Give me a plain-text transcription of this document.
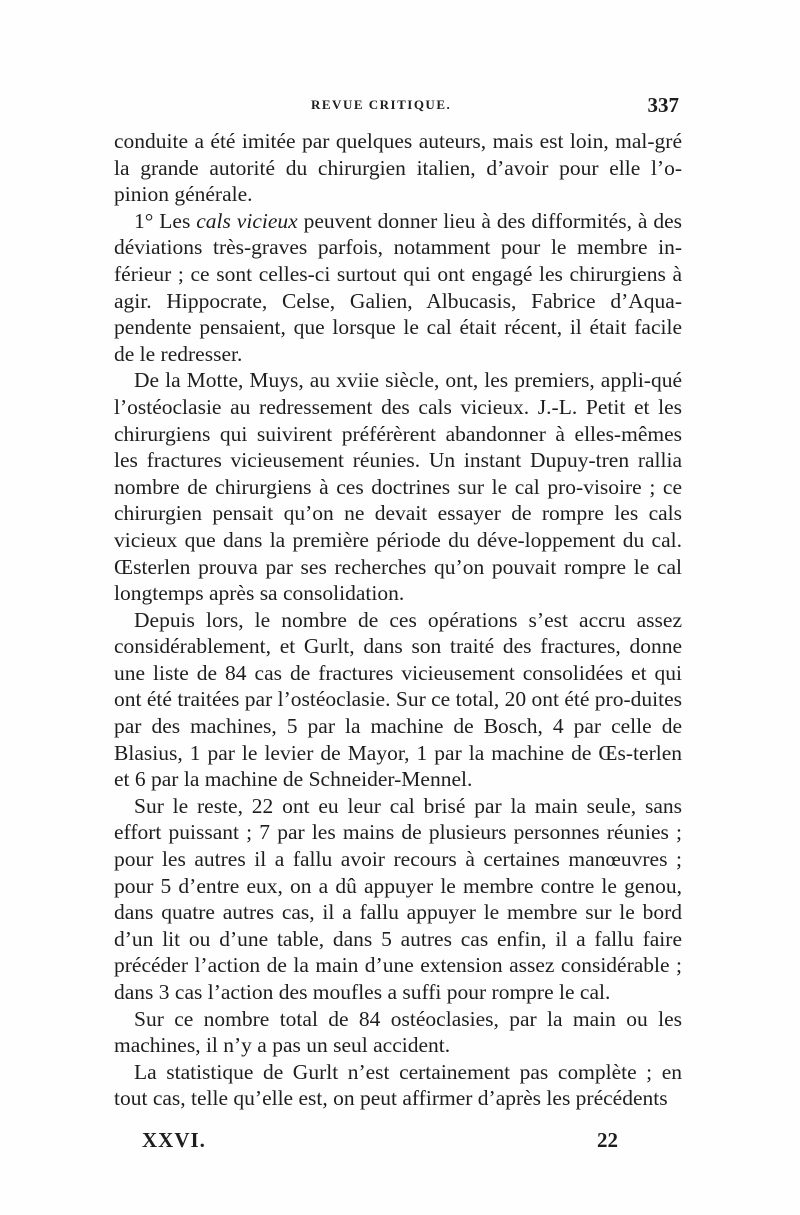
REVUE CRITIQUE.	337

conduite a été imitée par quelques auteurs, mais est loin, mal-gré la grande autorité du chirurgien italien, d’avoir pour elle l’o-pinion générale.

1° Les cals vicieux peuvent donner lieu à des difformités, à des déviations très-graves parfois, notamment pour le membre in-férieur ; ce sont celles-ci surtout qui ont engagé les chirurgiens à agir. Hippocrate, Celse, Galien, Albucasis, Fabrice d’Aqua-pendente pensaient, que lorsque le cal était récent, il était facile de le redresser.

De la Motte, Muys, au xviie siècle, ont, les premiers, appli-qué l’ostéoclasie au redressement des cals vicieux. J.-L. Petit et les chirurgiens qui suivirent préférèrent abandonner à elles-mêmes les fractures vicieusement réunies. Un instant Dupuy-tren rallia nombre de chirurgiens à ces doctrines sur le cal pro-visoire ; ce chirurgien pensait qu’on ne devait essayer de rompre les cals vicieux que dans la première période du déve-loppement du cal. Œsterlen prouva par ses recherches qu’on pouvait rompre le cal longtemps après sa consolidation.

Depuis lors, le nombre de ces opérations s’est accru assez considérablement, et Gurlt, dans son traité des fractures, donne une liste de 84 cas de fractures vicieusement consolidées et qui ont été traitées par l’ostéoclasie. Sur ce total, 20 ont été pro-duites par des machines, 5 par la machine de Bosch, 4 par celle de Blasius, 1 par le levier de Mayor, 1 par la machine de Œs-terlen et 6 par la machine de Schneider-Mennel.

Sur le reste, 22 ont eu leur cal brisé par la main seule, sans effort puissant ; 7 par les mains de plusieurs personnes réunies ; pour les autres il a fallu avoir recours à certaines manœuvres ; pour 5 d’entre eux, on a dû appuyer le membre contre le genou, dans quatre autres cas, il a fallu appuyer le membre sur le bord d’un lit ou d’une table, dans 5 autres cas enfin, il a fallu faire précéder l’action de la main d’une extension assez considérable ; dans 3 cas l’action des moufles a suffi pour rompre le cal.

Sur ce nombre total de 84 ostéoclasies, par la main ou les machines, il n’y a pas un seul accident.

La statistique de Gurlt n’est certainement pas complète ; en tout cas, telle qu’elle est, on peut affirmer d’après les précédents

XXVI.	22
